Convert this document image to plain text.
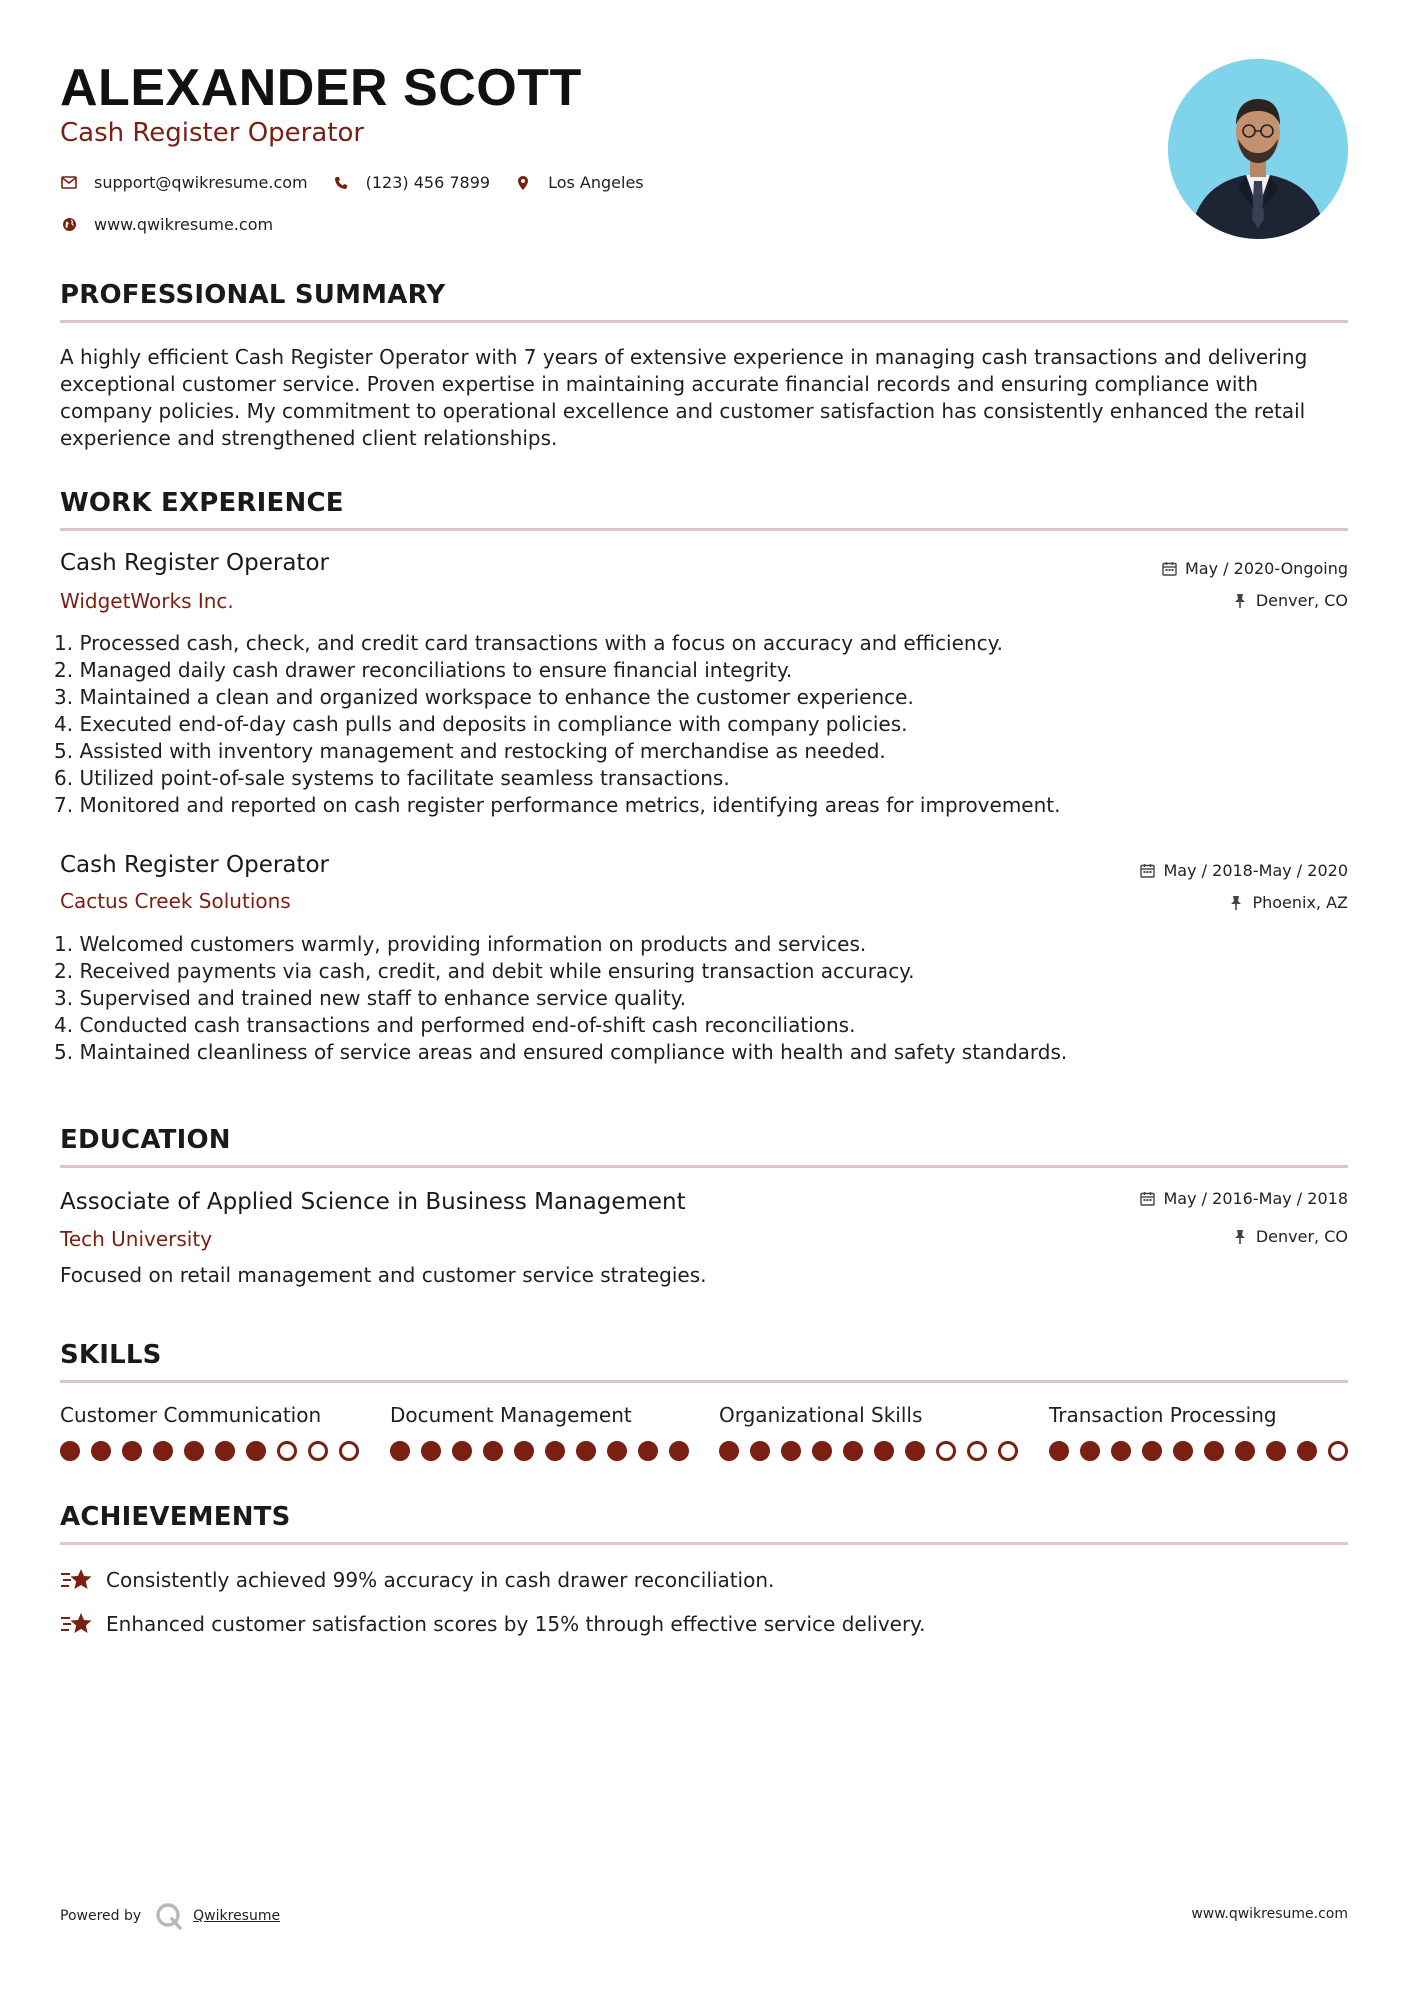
ALEXANDER SCOTT
Cash Register Operator
support@qwikresume.com	(123) 456 7899	Los Angeles
www.qwikresume.com
PROFESSIONAL SUMMARY
A highly efficient Cash Register Operator with 7 years of extensive experience in managing cash transactions and delivering exceptional customer service. Proven expertise in maintaining accurate financial records and ensuring compliance with company policies. My commitment to operational excellence and customer satisfaction has consistently enhanced the retail experience and strengthened client relationships.
WORK EXPERIENCE
Cash Register Operator
WidgetWorks Inc.
May / 2020-Ongoing
Denver, CO
1. Processed cash, check, and credit card transactions with a focus on accuracy and efficiency.
2. Managed daily cash drawer reconciliations to ensure financial integrity.
3. Maintained a clean and organized workspace to enhance the customer experience.
4. Executed end-of-day cash pulls and deposits in compliance with company policies.
5. Assisted with inventory management and restocking of merchandise as needed.
6. Utilized point-of-sale systems to facilitate seamless transactions.
7. Monitored and reported on cash register performance metrics, identifying areas for improvement.
Cash Register Operator
Cactus Creek Solutions
May / 2018-May / 2020
Phoenix, AZ
1. Welcomed customers warmly, providing information on products and services.
2. Received payments via cash, credit, and debit while ensuring transaction accuracy.
3. Supervised and trained new staff to enhance service quality.
4. Conducted cash transactions and performed end-of-shift cash reconciliations.
5. Maintained cleanliness of service areas and ensured compliance with health and safety standards.
EDUCATION
Associate of Applied Science in Business Management
Tech University
May / 2016-May / 2018
Denver, CO
Focused on retail management and customer service strategies.
SKILLS
Customer Communication	Document Management	Organizational Skills	Transaction Processing
ACHIEVEMENTS
Consistently achieved 99% accuracy in cash drawer reconciliation.
Enhanced customer satisfaction scores by 15% through effective service delivery.
Powered by	Qwikresume	www.qwikresume.com
